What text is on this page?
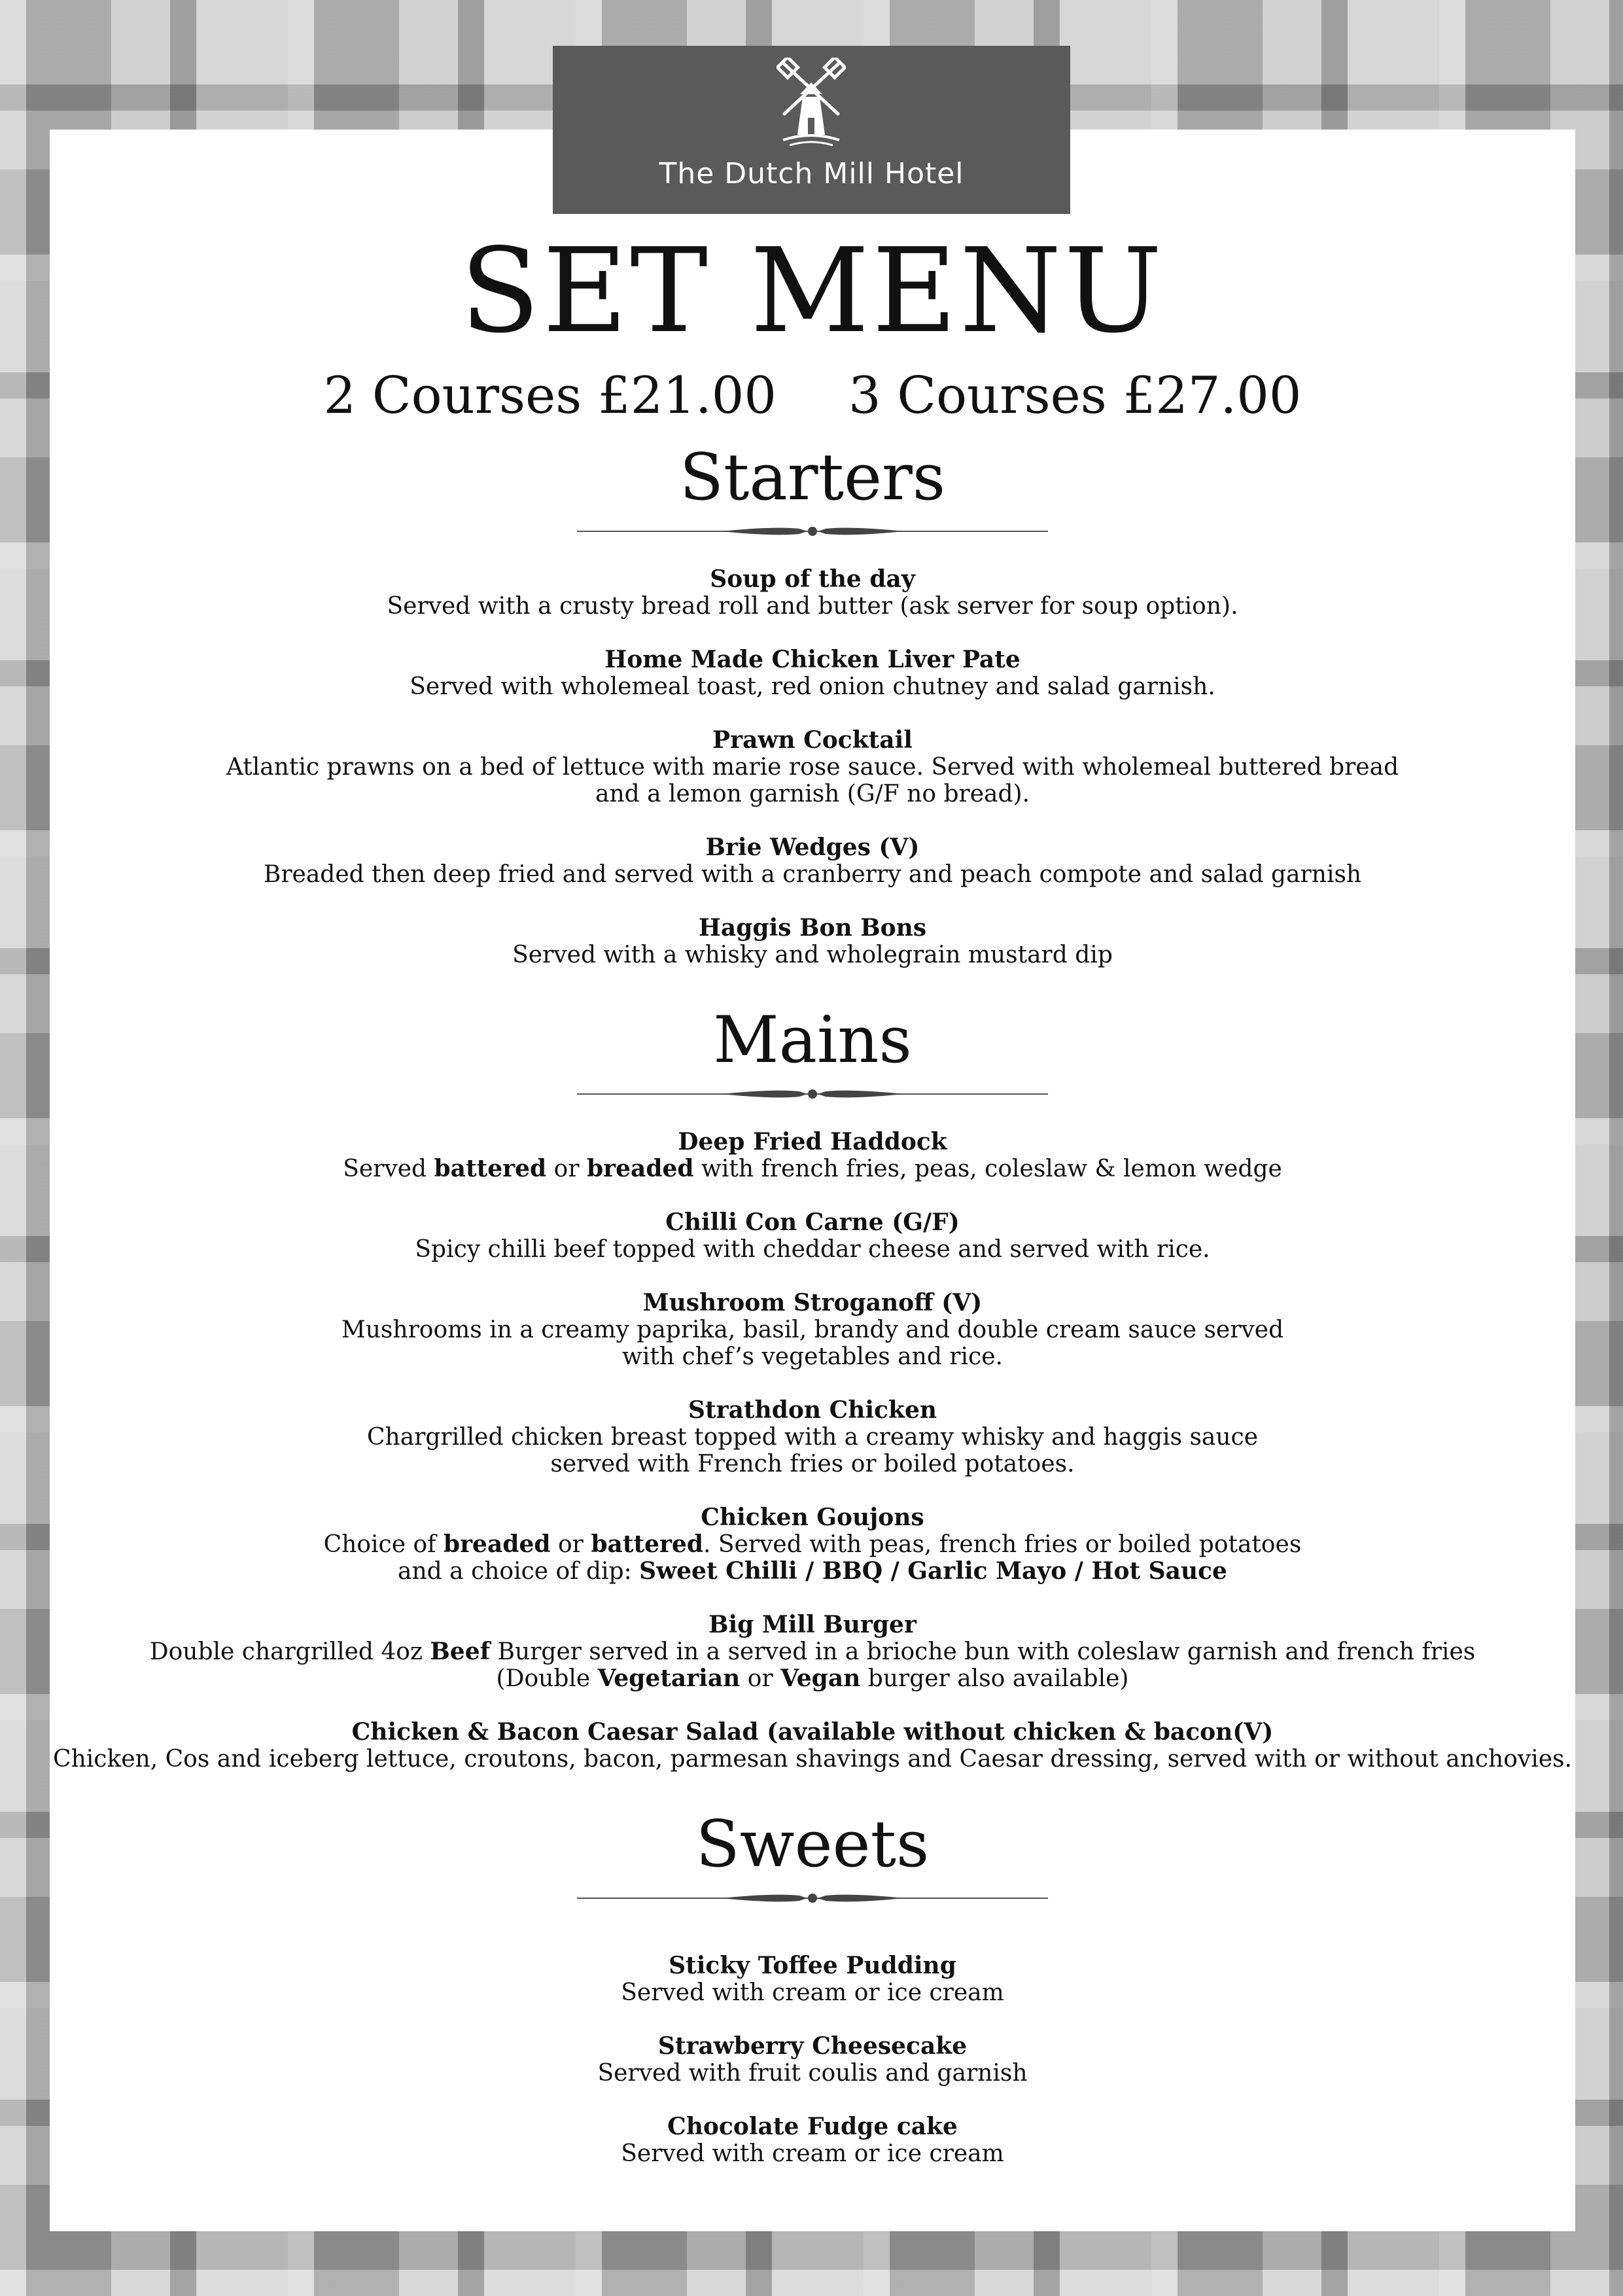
The Dutch Mill Hotel
SET MENU
2 Courses £21.00 3 Courses £27.00
Starters
Soup of the day
Served with a crusty bread roll and butter (ask server for soup option).
Home Made Chicken Liver Pate
Served with wholemeal toast, red onion chutney and salad garnish.
Prawn Cocktail
Atlantic prawns on a bed of lettuce with marie rose sauce. Served with wholemeal buttered bread
and a lemon garnish (G/F no bread).
Brie Wedges (V)
Breaded then deep fried and served with a cranberry and peach compote and salad garnish
Haggis Bon Bons
Served with a whisky and wholegrain mustard dip
Mains
Deep Fried Haddock
Served battered or breaded with french fries, peas, coleslaw & lemon wedge
Chilli Con Carne (G/F)
Spicy chilli beef topped with cheddar cheese and served with rice.
Mushroom Stroganoff (V)
Mushrooms in a creamy paprika, basil, brandy and double cream sauce served
with chef’s vegetables and rice.
Strathdon Chicken
Chargrilled chicken breast topped with a creamy whisky and haggis sauce
served with French fries or boiled potatoes.
Chicken Goujons
Choice of breaded or battered. Served with peas, french fries or boiled potatoes
and a choice of dip: Sweet Chilli / BBQ / Garlic Mayo / Hot Sauce
Big Mill Burger
Double chargrilled 4oz Beef Burger served in a served in a brioche bun with coleslaw garnish and french fries
(Double Vegetarian or Vegan burger also available)
Chicken & Bacon Caesar Salad (available without chicken & bacon(V)
Chicken, Cos and iceberg lettuce, croutons, bacon, parmesan shavings and Caesar dressing, served with or without anchovies.
Sweets
Sticky Toffee Pudding
Served with cream or ice cream
Strawberry Cheesecake
Served with fruit coulis and garnish
Chocolate Fudge cake
Served with cream or ice cream
